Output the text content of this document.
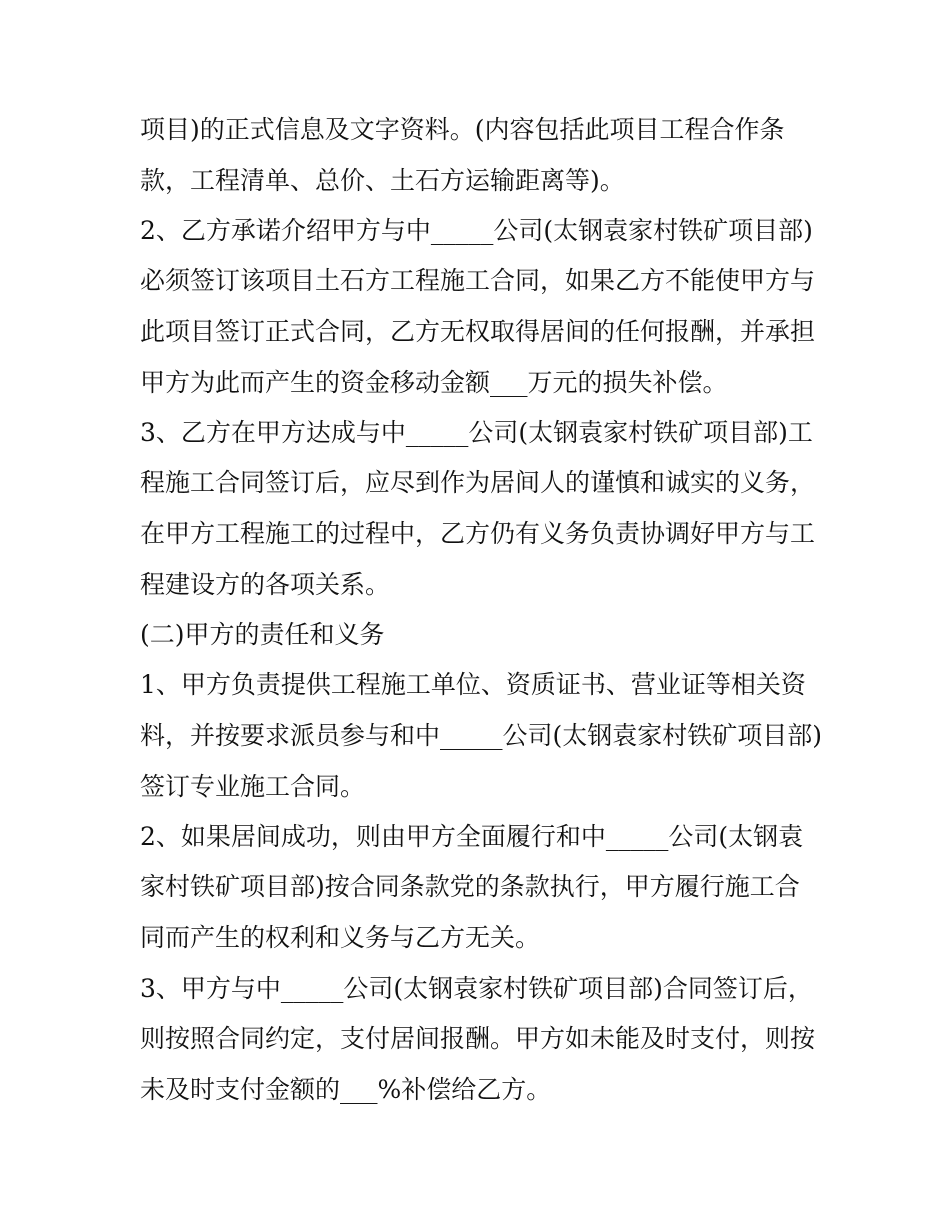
项目)的正式信息及文字资料。(内容包括此项目工程合作条

款，工程清单、总价、土石方运输距离等)。

2、乙方承诺介绍甲方与中_____公司(太钢袁家村铁矿项目部)

必须签订该项目土石方工程施工合同，如果乙方不能使甲方与

此项目签订正式合同，乙方无权取得居间的任何报酬，并承担

甲方为此而产生的资金移动金额___万元的损失补偿。

3、乙方在甲方达成与中_____公司(太钢袁家村铁矿项目部)工

程施工合同签订后，应尽到作为居间人的谨慎和诚实的义务，

在甲方工程施工的过程中，乙方仍有义务负责协调好甲方与工

程建设方的各项关系。

(二)甲方的责任和义务

1、甲方负责提供工程施工单位、资质证书、营业证等相关资

料，并按要求派员参与和中_____公司(太钢袁家村铁矿项目部)

签订专业施工合同。

2、如果居间成功，则由甲方全面履行和中_____公司(太钢袁

家村铁矿项目部)按合同条款党的条款执行，甲方履行施工合

同而产生的权利和义务与乙方无关。

3、甲方与中_____公司(太钢袁家村铁矿项目部)合同签订后，

则按照合同约定，支付居间报酬。甲方如未能及时支付，则按

未及时支付金额的___%补偿给乙方。
